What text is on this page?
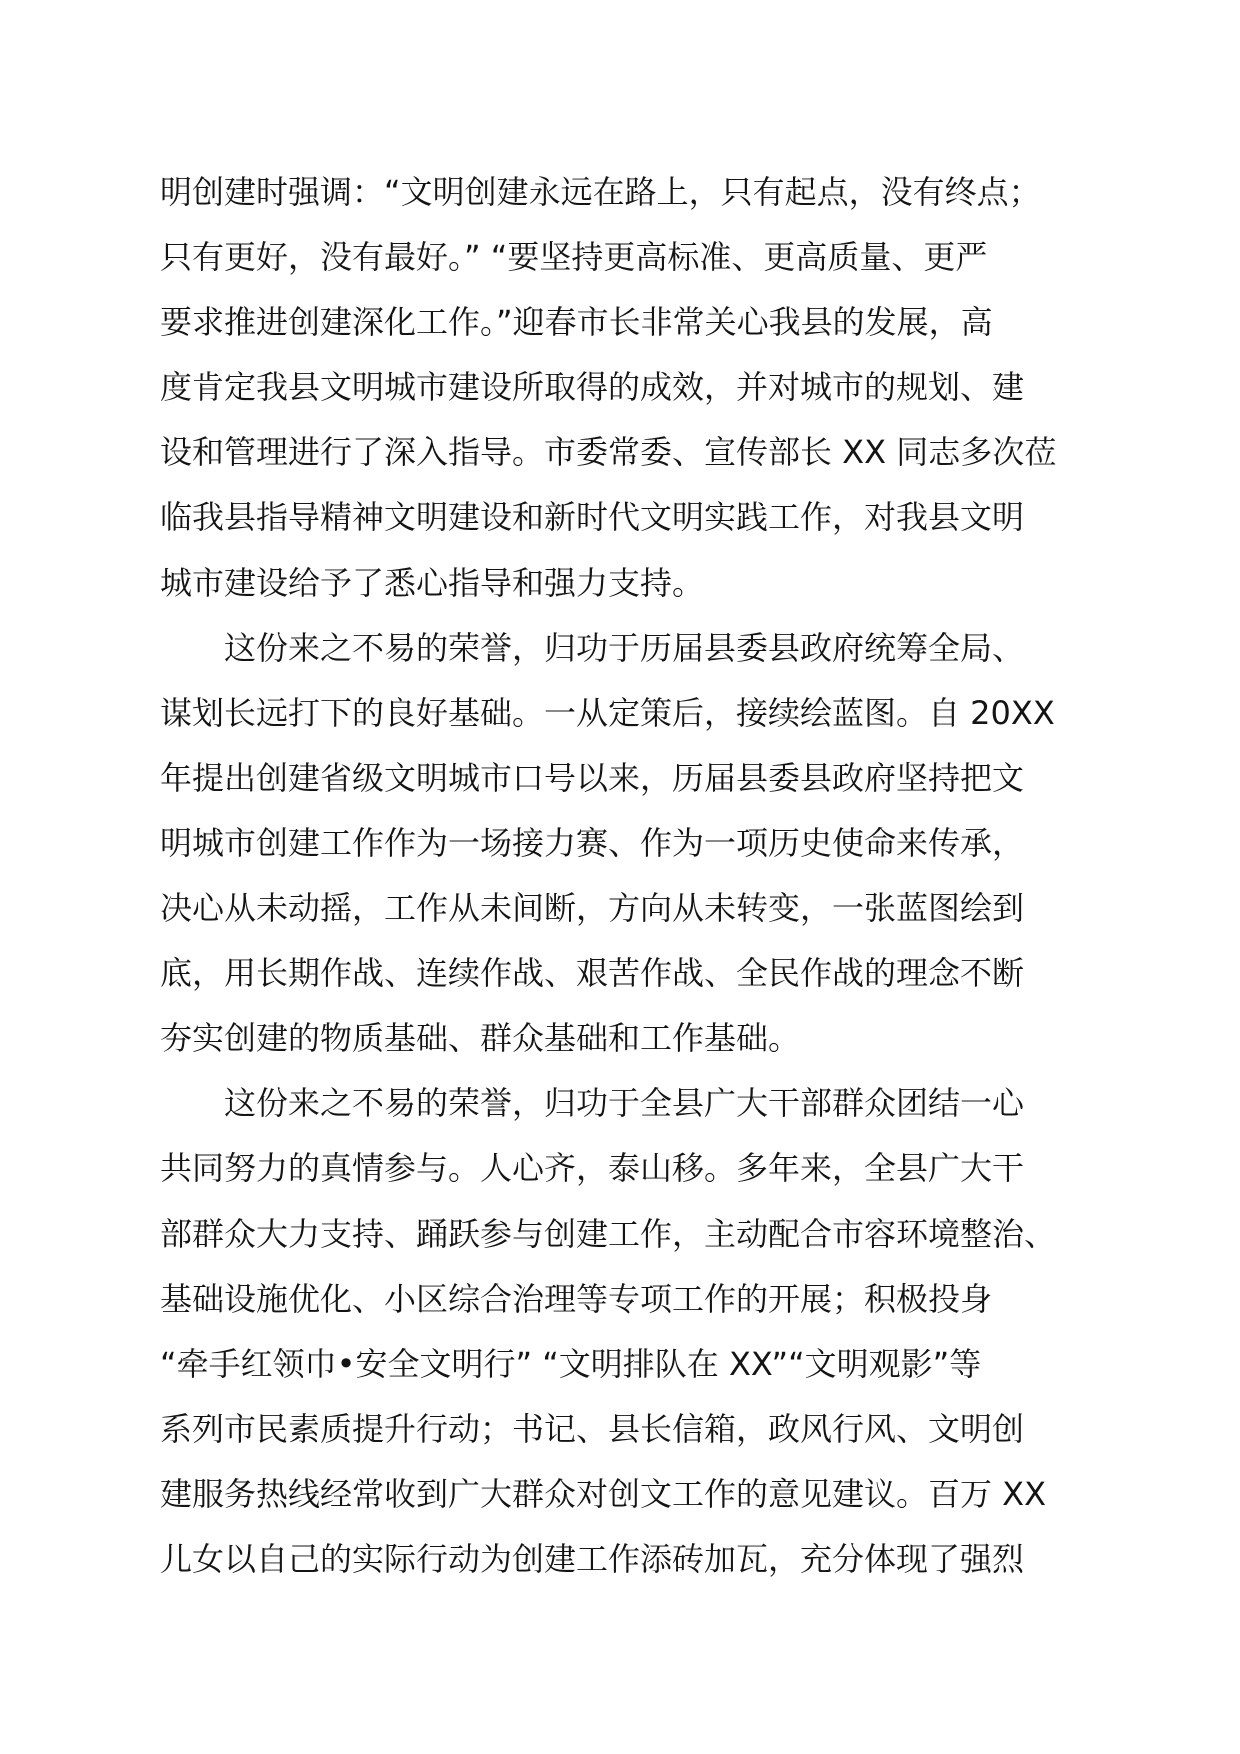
明创建时强调：“文明创建永远在路上，只有起点，没有终点；
只有更好，没有最好。” “要坚持更高标准、更高质量、更严
要求推进创建深化工作。”迎春市长非常关心我县的发展，高
度肯定我县文明城市建设所取得的成效，并对城市的规划、建
设和管理进行了深入指导。市委常委、宣传部长 XX 同志多次莅
临我县指导精神文明建设和新时代文明实践工作，对我县文明
城市建设给予了悉心指导和强力支持。
这份来之不易的荣誉，归功于历届县委县政府统筹全局、
谋划长远打下的良好基础。一从定策后，接续绘蓝图。自 20XX
年提出创建省级文明城市口号以来，历届县委县政府坚持把文
明城市创建工作作为一场接力赛、作为一项历史使命来传承，
决心从未动摇，工作从未间断，方向从未转变，一张蓝图绘到
底，用长期作战、连续作战、艰苦作战、全民作战的理念不断
夯实创建的物质基础、群众基础和工作基础。
这份来之不易的荣誉，归功于全县广大干部群众团结一心
共同努力的真情参与。人心齐，泰山移。多年来，全县广大干
部群众大力支持、踊跃参与创建工作，主动配合市容环境整治、
基础设施优化、小区综合治理等专项工作的开展；积极投身
“牵手红领巾•安全文明行” “文明排队在 XX”“文明观影”等
系列市民素质提升行动；书记、县长信箱，政风行风、文明创
建服务热线经常收到广大群众对创文工作的意见建议。百万 XX
儿女以自己的实际行动为创建工作添砖加瓦，充分体现了强烈
